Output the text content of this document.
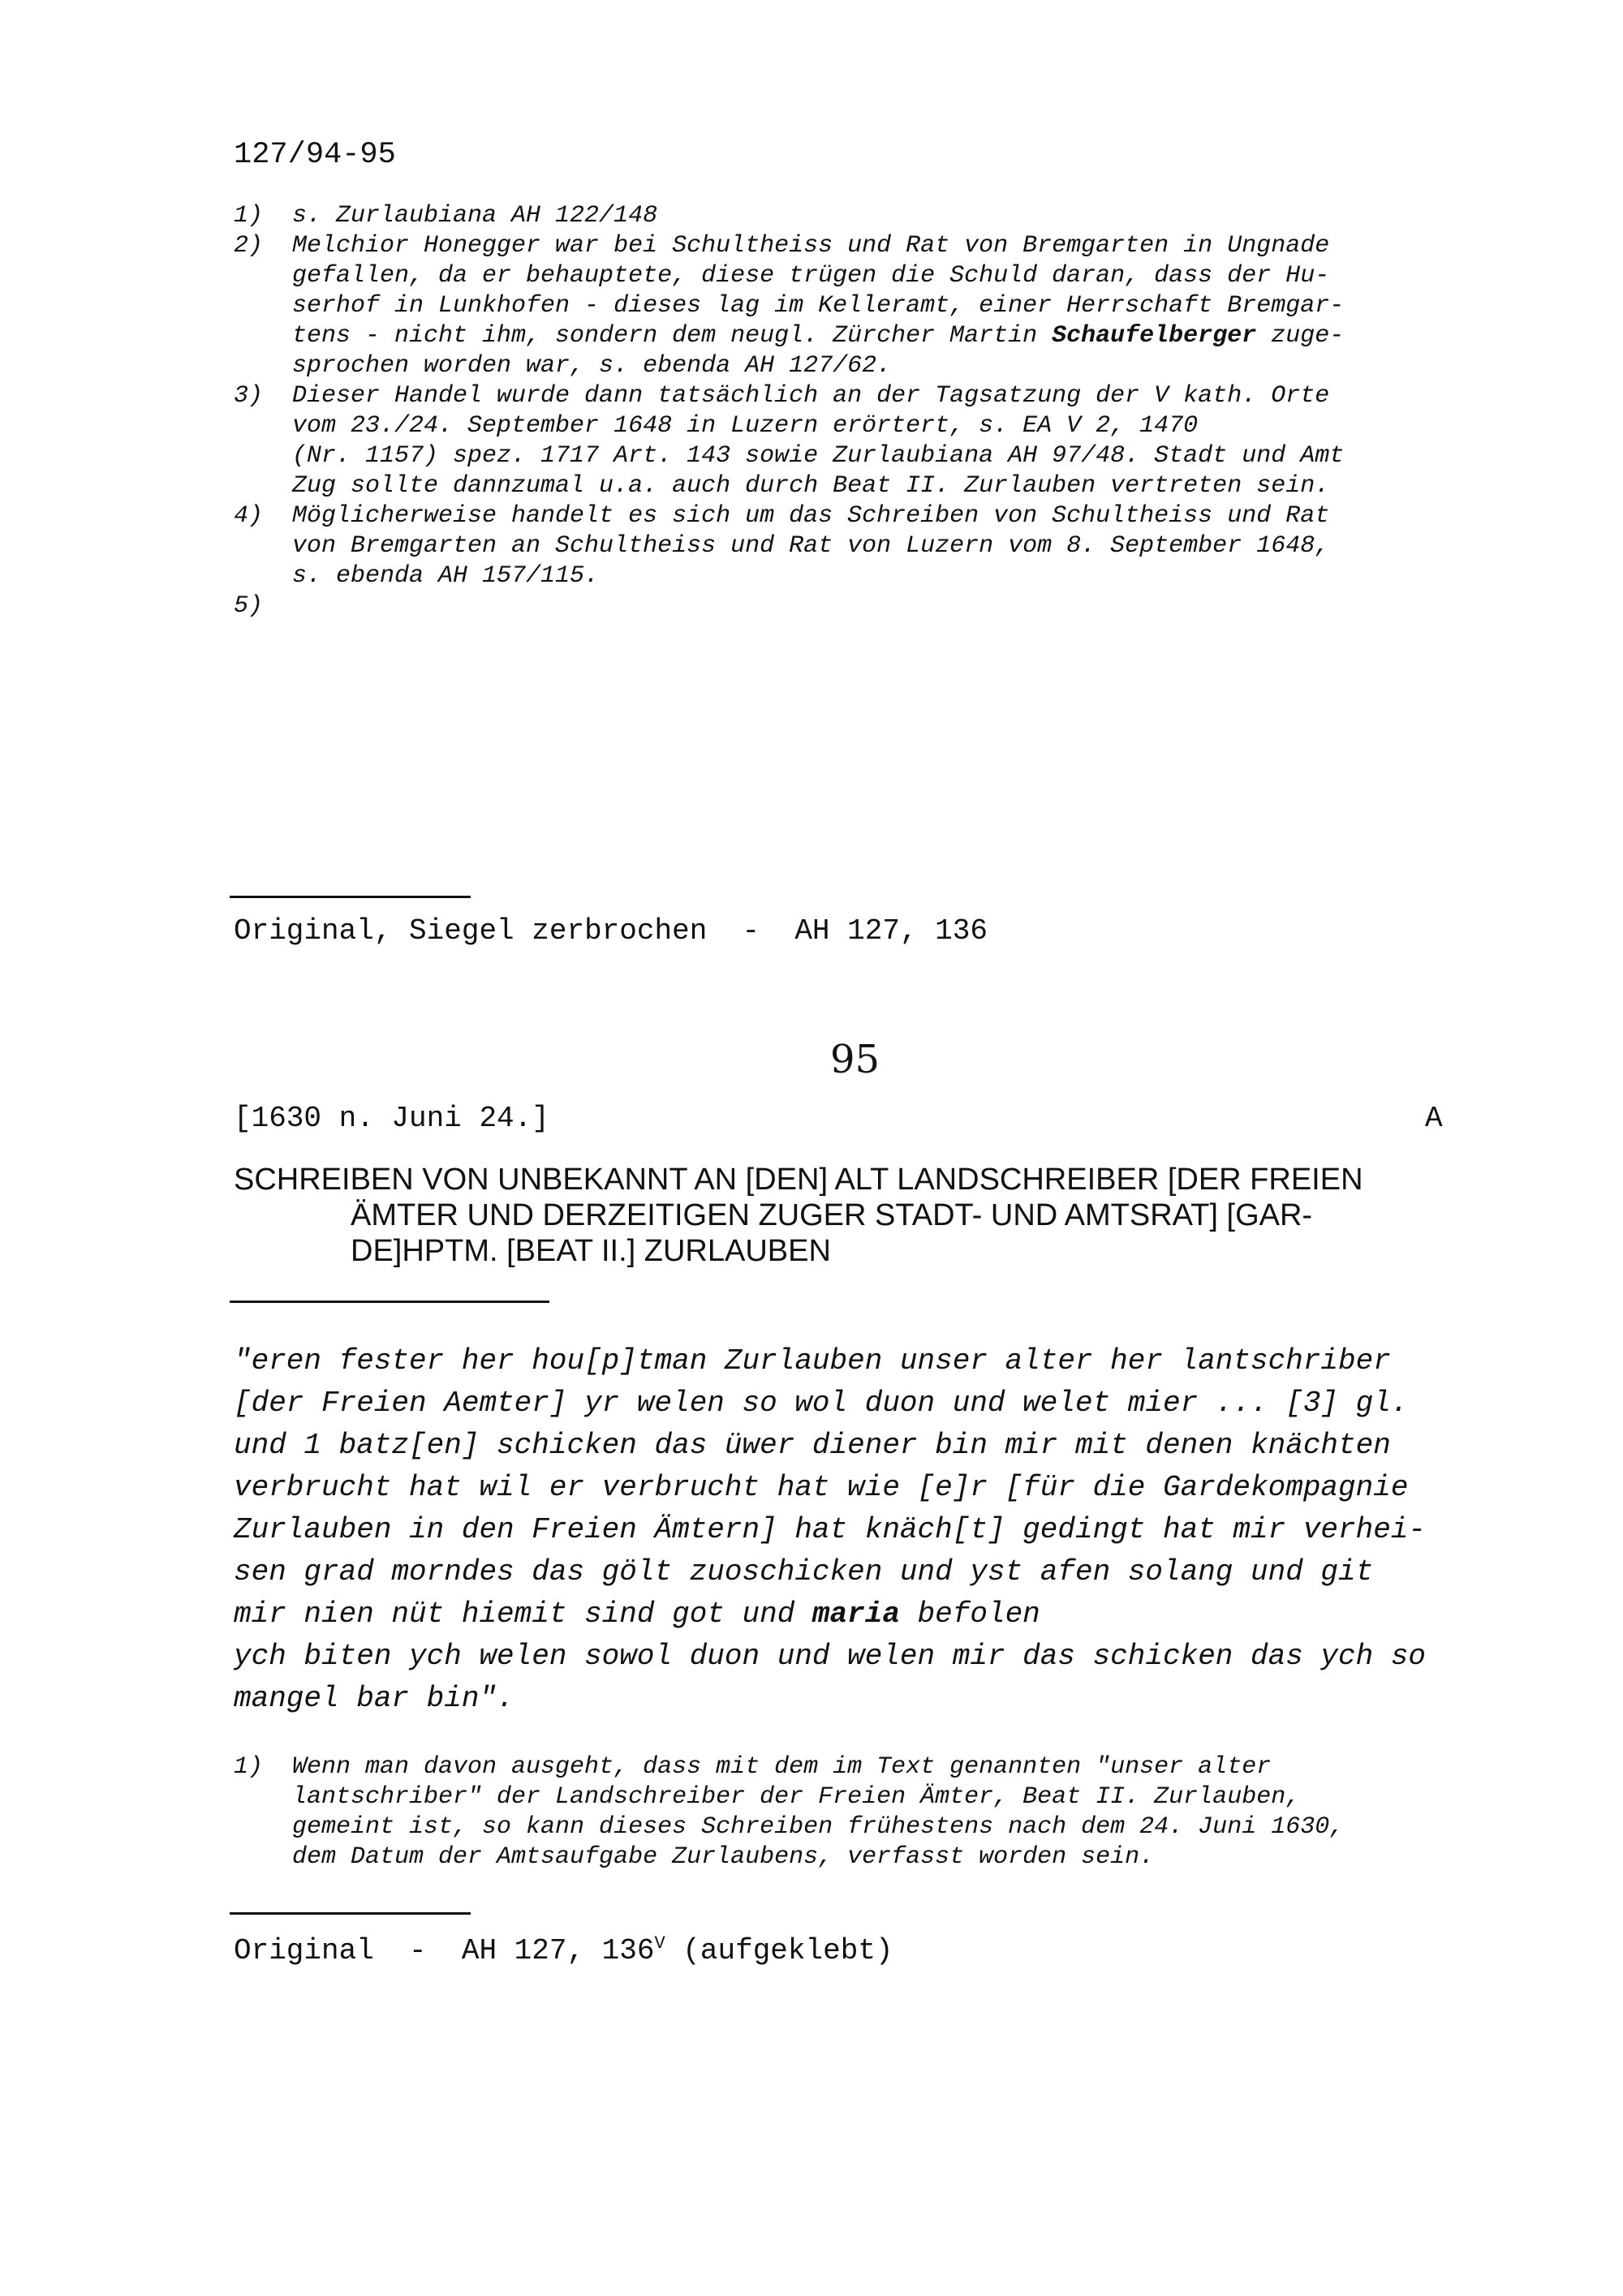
127/94-95
1) s. Zurlaubiana AH 122/148
2) Melchior Honegger war bei Schultheiss und Rat von Bremgarten in Ungnade
gefallen, da er behauptete, diese trügen die Schuld daran, dass der Hu-
serhof in Lunkhofen - dieses lag im Kelleramt, einer Herrschaft Bremgar-
tens - nicht ihm, sondern dem neugl. Zürcher Martin Schaufelberger zuge-
sprochen worden war, s. ebenda AH 127/62.
3) Dieser Handel wurde dann tatsächlich an der Tagsatzung der V kath. Orte
vom 23./24. September 1648 in Luzern erörtert, s. EA V 2, 1470
(Nr. 1157) spez. 1717 Art. 143 sowie Zurlaubiana AH 97/48. Stadt und Amt
Zug sollte dannzumal u.a. auch durch Beat II. Zurlauben vertreten sein.
4) Möglicherweise handelt es sich um das Schreiben von Schultheiss und Rat
von Bremgarten an Schultheiss und Rat von Luzern vom 8. September 1648,
s. ebenda AH 157/115.
5)
Original, Siegel zerbrochen  -  AH 127, 136
95
[1630 n. Juni 24.]	A
SCHREIBEN VON UNBEKANNT AN [DEN] ALT LANDSCHREIBER [DER FREIEN
ÄMTER UND DERZEITIGEN ZUGER STADT- UND AMTSRAT] [GAR-
DE]HPTM. [BEAT II.] ZURLAUBEN
"eren fester her hou[p]tman Zurlauben unser alter her lantschriber
[der Freien Aemter] yr welen so wol duon und welet mier ... [3] gl.
und 1 batz[en] schicken das üwer diener bin mir mit denen knächten
verbrucht hat wil er verbrucht hat wie [e]r [für die Gardekompagnie
Zurlauben in den Freien Ämtern] hat knäch[t] gedingt hat mir verhei-
sen grad morndes das gölt zuoschicken und yst afen solang und git
mir nien nüt hiemit sind got und maria befolen
ych biten ych welen sowol duon und welen mir das schicken das ych so
mangel bar bin".
1) Wenn man davon ausgeht, dass mit dem im Text genannten "unser alter
lantschriber" der Landschreiber der Freien Ämter, Beat II. Zurlauben,
gemeint ist, so kann dieses Schreiben frühestens nach dem 24. Juni 1630,
dem Datum der Amtsaufgabe Zurlaubens, verfasst worden sein.
Original  -  AH 127, $136^V$ (aufgeklebt)
